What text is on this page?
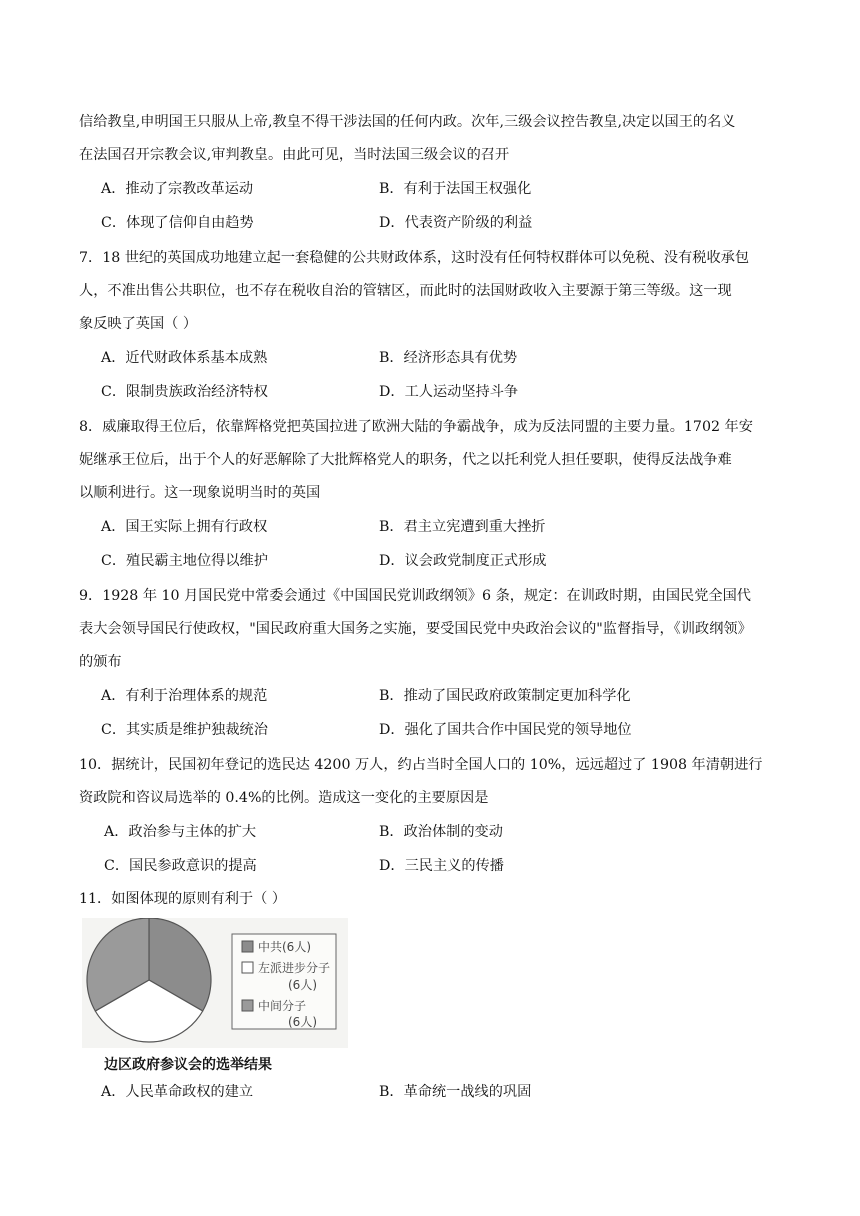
信给教皇,申明国王只服从上帝,教皇不得干涉法国的任何内政。次年,三级会议控告教皇,决定以国王的名义
在法国召开宗教会议,审判教皇。由此可见，当时法国三级会议的召开
A．推动了宗教改革运动	B．有利于法国王权强化
C．体现了信仰自由趋势	D．代表资产阶级的利益
7．18 世纪的英国成功地建立起一套稳健的公共财政体系，这时没有任何特权群体可以免税、没有税收承包
人，不准出售公共职位，也不存在税收自治的管辖区，而此时的法国财政收入主要源于第三等级。这一现
象反映了英国（ ）
A．近代财政体系基本成熟	B．经济形态具有优势
C．限制贵族政治经济特权	D．工人运动坚持斗争
8．威廉取得王位后，依靠辉格党把英国拉进了欧洲大陆的争霸战争，成为反法同盟的主要力量。1702 年安
妮继承王位后，出于个人的好恶解除了大批辉格党人的职务，代之以托利党人担任要职，使得反法战争难
以顺利进行。这一现象说明当时的英国
A．国王实际上拥有行政权	B．君主立宪遭到重大挫折
C．殖民霸主地位得以维护	D．议会政党制度正式形成
9．1928 年 10 月国民党中常委会通过《中国国民党训政纲领》6 条，规定：在训政时期，由国民党全国代
表大会领导国民行使政权，"国民政府重大国务之实施，要受国民党中央政治会议的"监督指导，《训政纲领》
的颁布
A．有利于治理体系的规范	B．推动了国民政府政策制定更加科学化
C．其实质是维护独裁统治	D．强化了国共合作中国民党的领导地位
10．据统计，民国初年登记的选民达 4200 万人，约占当时全国人口的 10%，远远超过了 1908 年清朝进行
资政院和咨议局选举的 0.4%的比例。造成这一变化的主要原因是
A．政治参与主体的扩大	B．政治体制的变动
C．国民参政意识的提高	D．三民主义的传播
11．如图体现的原则有利于（ ）
中共(6人)
左派进步分子
(6人)
中间分子
(6人)
边区政府参议会的选举结果
A．人民革命政权的建立	B．革命统一战线的巩固
